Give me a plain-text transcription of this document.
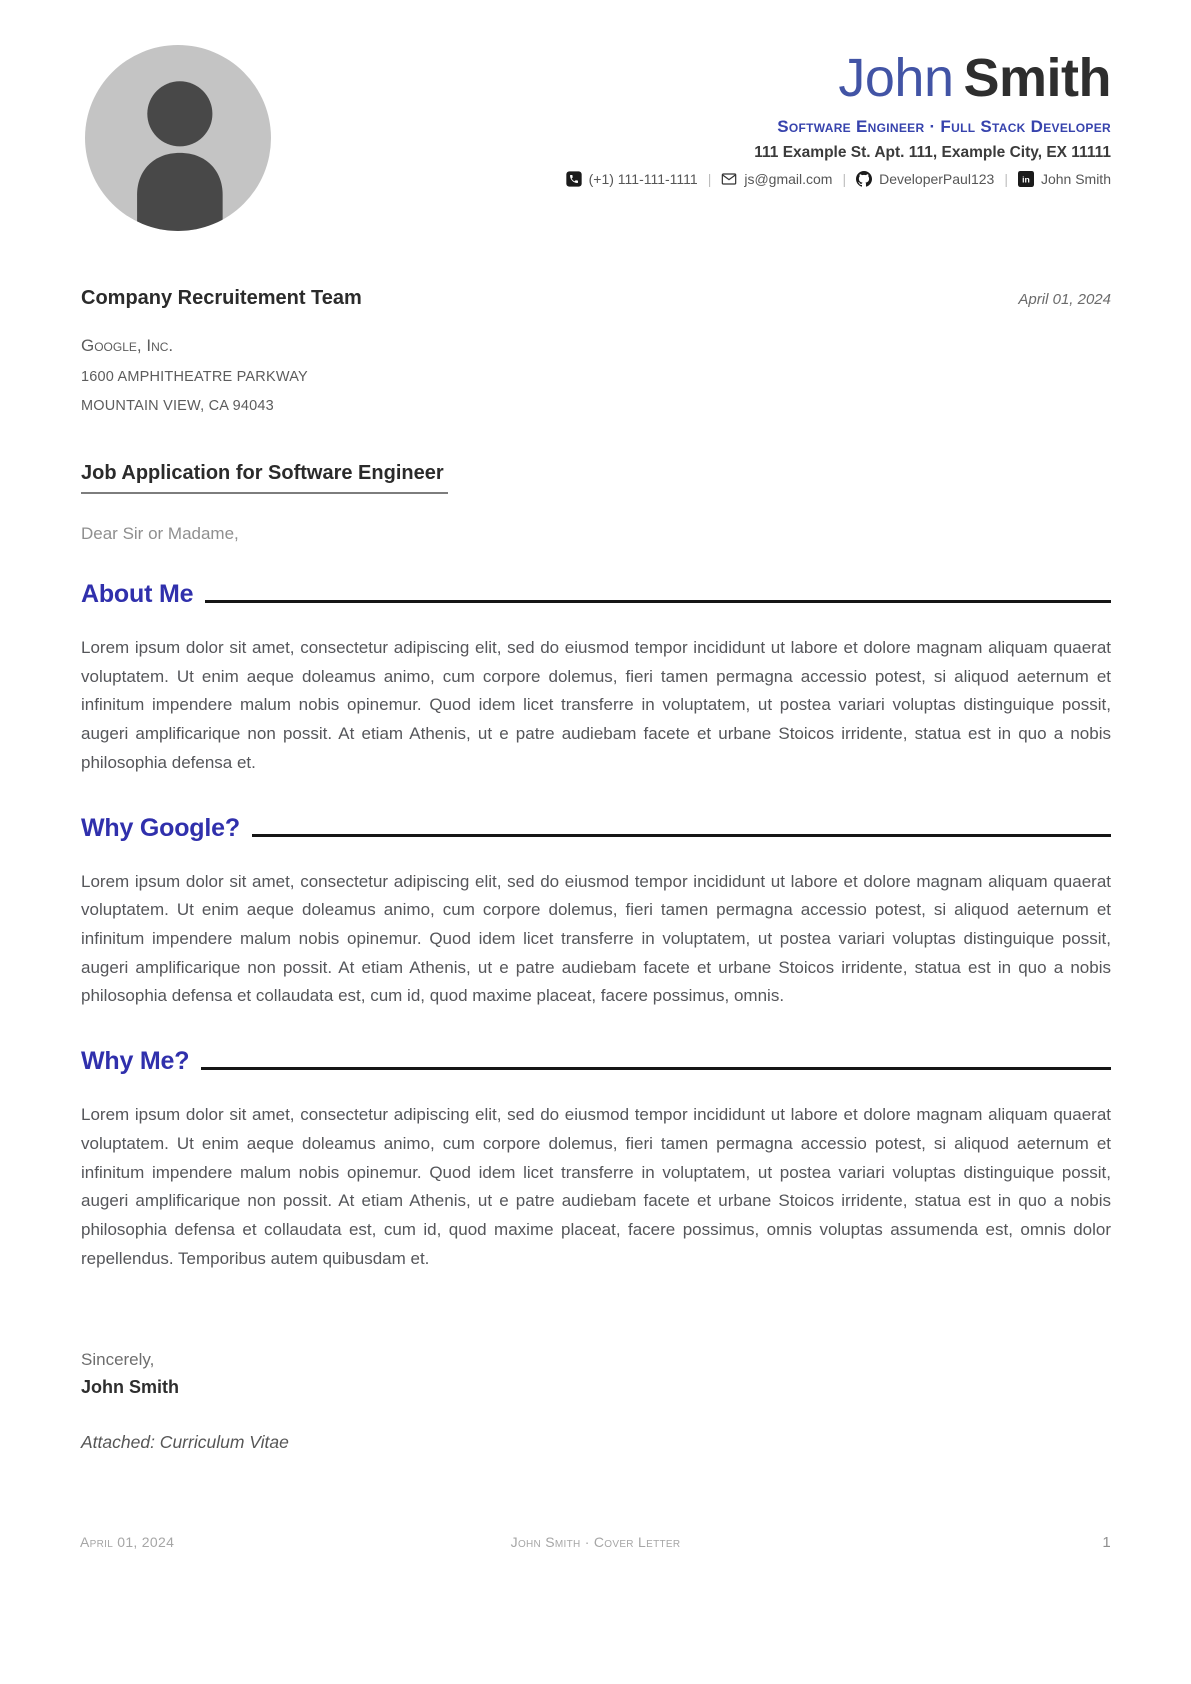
John Smith
Software Engineer · Full Stack Developer
111 Example St. Apt. 111, Example City, EX 11111
(+1) 111-111-1111 | js@gmail.com | DeveloperPaul123 | in John Smith
Company Recruitement Team	April 01, 2024
Google, Inc.
1600 AMPHITHEATRE PARKWAY
MOUNTAIN VIEW, CA 94043
Job Application for Software Engineer
Dear Sir or Madame,
About Me

Lorem ipsum dolor sit amet, consectetur adipiscing elit, sed do eiusmod tempor incididunt ut labore et dolore magnam aliquam quaerat voluptatem. Ut enim aeque doleamus animo, cum corpore dolemus, fieri tamen permagna accessio potest, si aliquod aeternum et infinitum impendere malum nobis opinemur. Quod idem licet transferre in voluptatem, ut postea variari voluptas distinguique possit, augeri amplificarique non possit. At etiam Athenis, ut e patre audiebam facete et urbane Stoicos irridente, statua est in quo a nobis philosophia defensa et.

Why Google?

Lorem ipsum dolor sit amet, consectetur adipiscing elit, sed do eiusmod tempor incididunt ut labore et dolore magnam aliquam quaerat voluptatem. Ut enim aeque doleamus animo, cum corpore dolemus, fieri tamen permagna accessio potest, si aliquod aeternum et infinitum impendere malum nobis opinemur. Quod idem licet transferre in voluptatem, ut postea variari voluptas distinguique possit, augeri amplificarique non possit. At etiam Athenis, ut e patre audiebam facete et urbane Stoicos irridente, statua est in quo a nobis philosophia defensa et collaudata est, cum id, quod maxime placeat, facere possimus, omnis.

Why Me?

Lorem ipsum dolor sit amet, consectetur adipiscing elit, sed do eiusmod tempor incididunt ut labore et dolore magnam aliquam quaerat voluptatem. Ut enim aeque doleamus animo, cum corpore dolemus, fieri tamen permagna accessio potest, si aliquod aeternum et infinitum impendere malum nobis opinemur. Quod idem licet transferre in voluptatem, ut postea variari voluptas distinguique possit, augeri amplificarique non possit. At etiam Athenis, ut e patre audiebam facete et urbane Stoicos irridente, statua est in quo a nobis philosophia defensa et collaudata est, cum id, quod maxime placeat, facere possimus, omnis voluptas assumenda est, omnis dolor repellendus. Temporibus autem quibusdam et.

Sincerely,
John Smith
Attached: Curriculum Vitae
April 01, 2024	John Smith · Cover Letter	1
